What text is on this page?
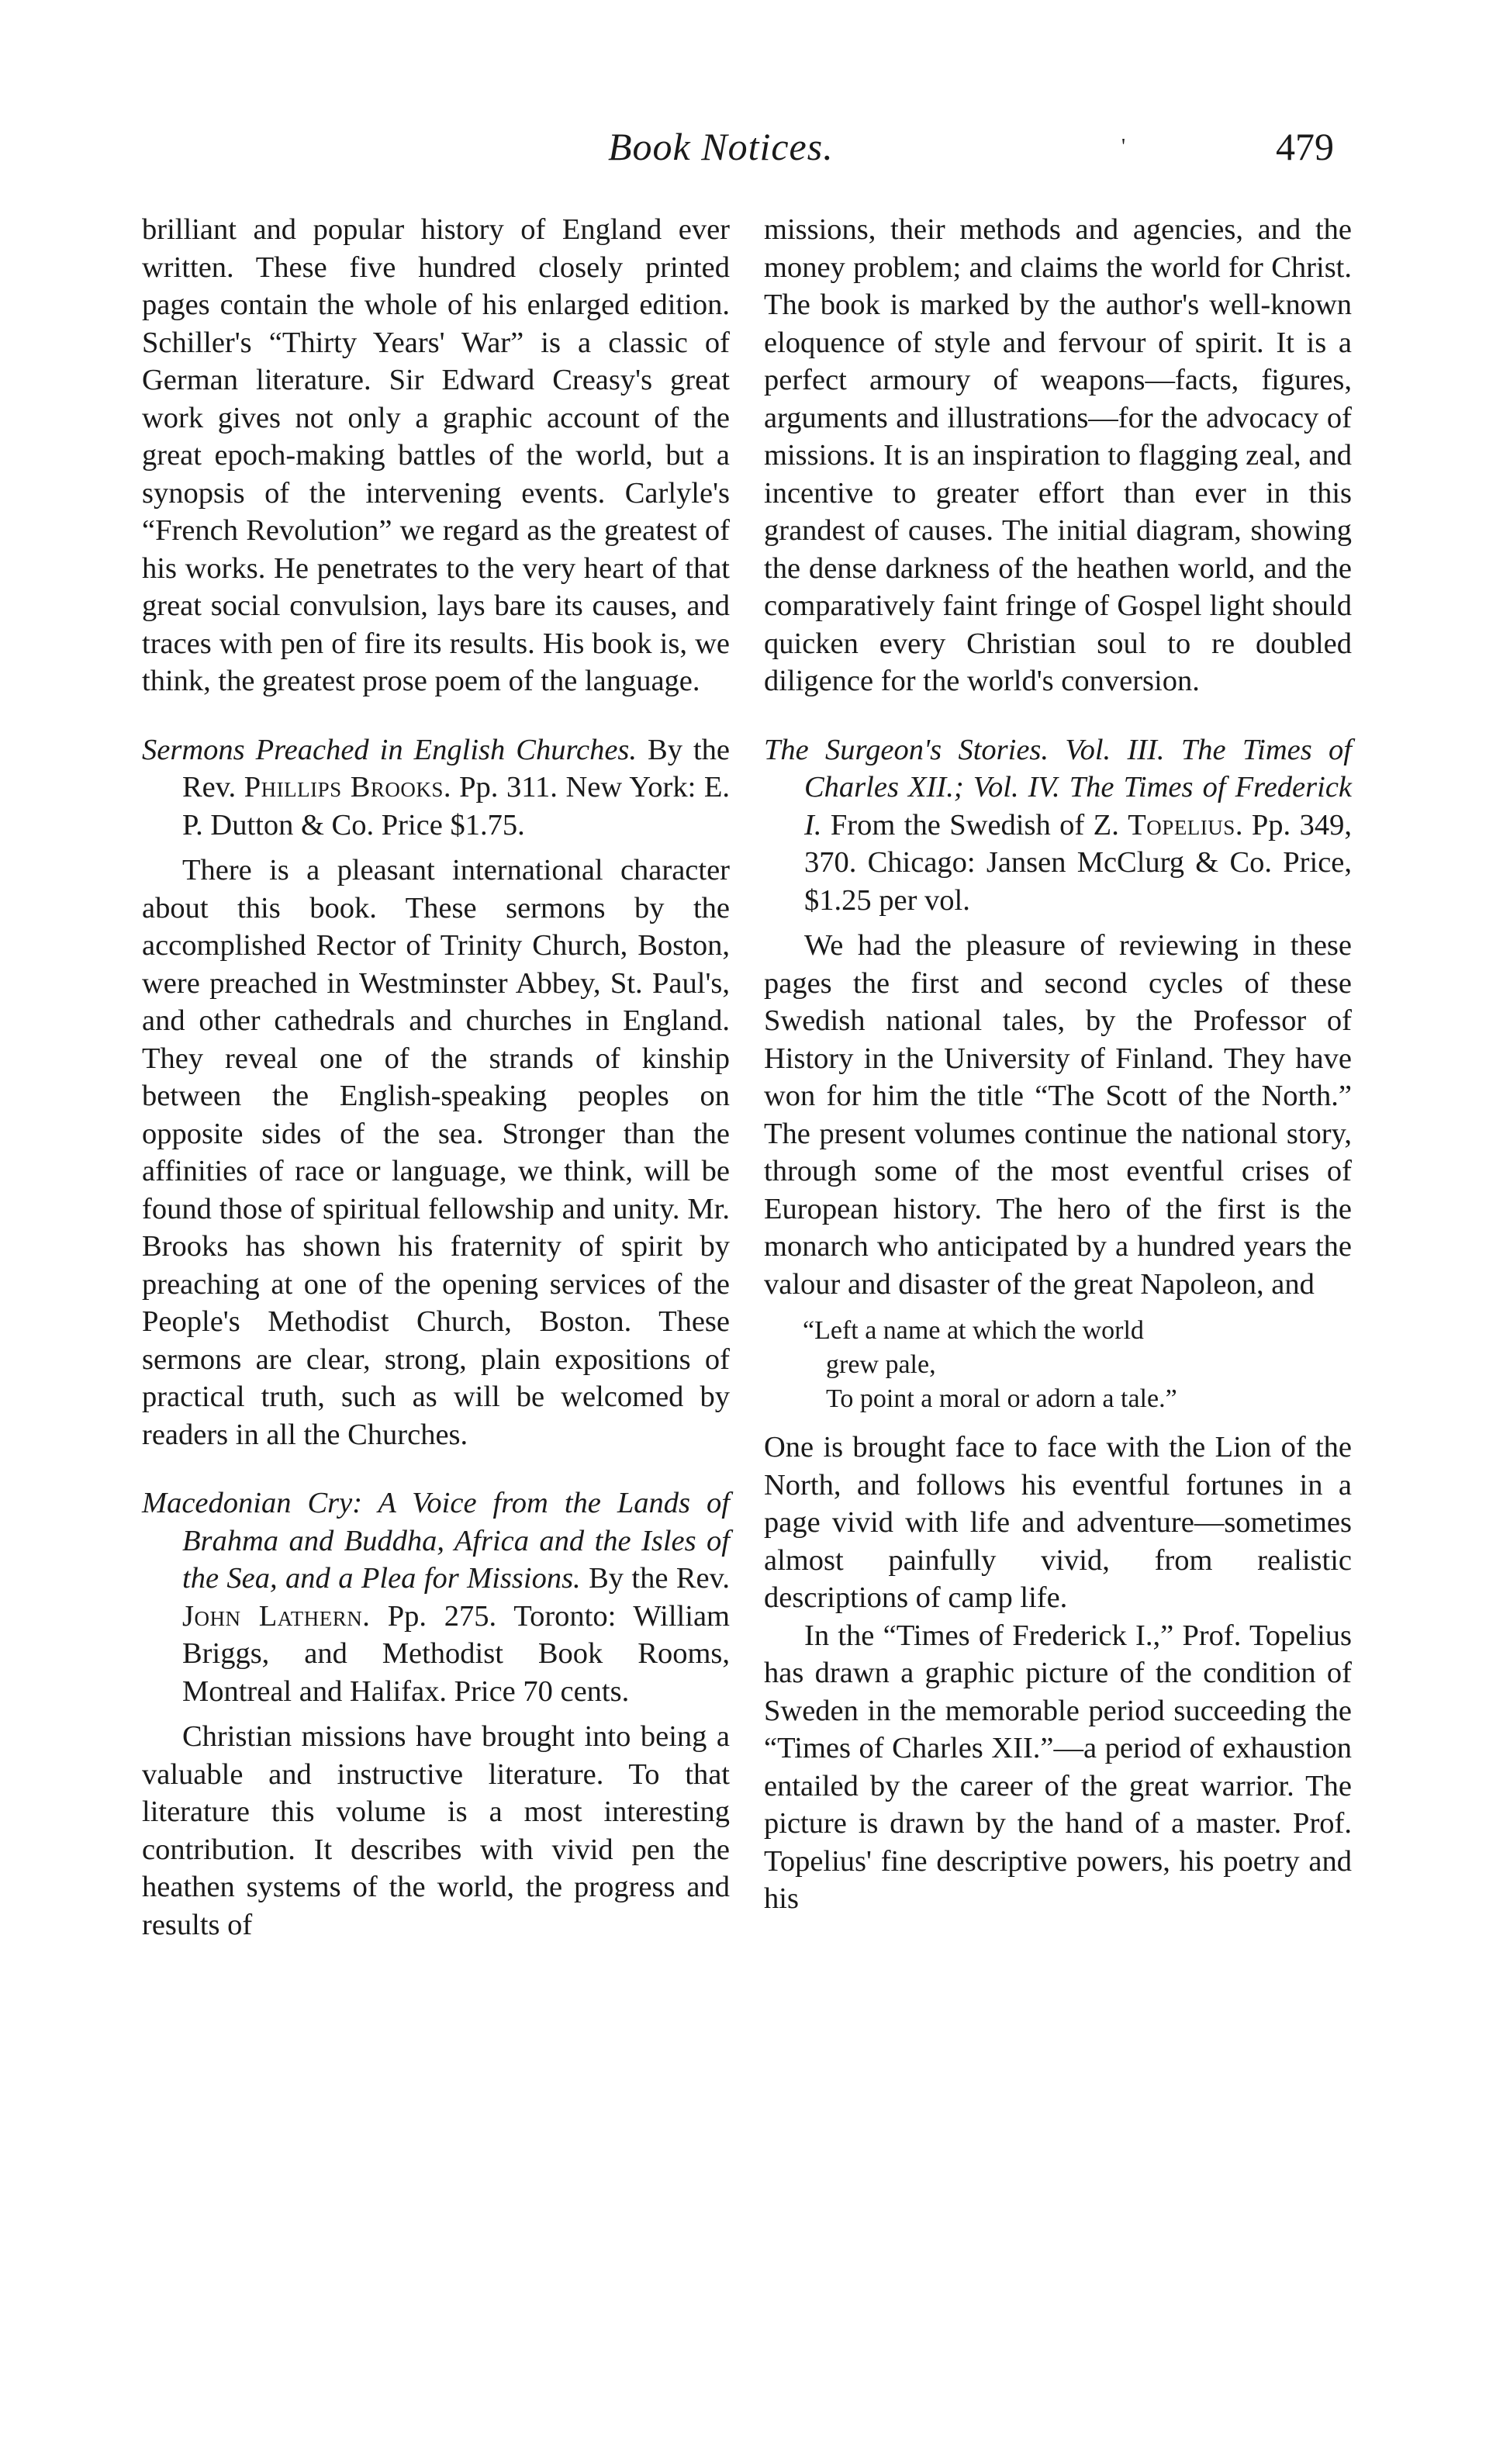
Book Notices.	'	479

brilliant and popular history of England ever written. These five hundred closely printed pages contain the whole of his enlarged edition. Schiller's “Thirty Years' War” is a classic of German literature. Sir Edward Creasy's great work gives not only a graphic account of the great epoch-making battles of the world, but a synopsis of the intervening events. Carlyle's “French Revolution” we regard as the greatest of his works. He penetrates to the very heart of that great social convulsion, lays bare its causes, and traces with pen of fire its results. His book is, we think, the greatest prose poem of the language.

Sermons Preached in English Churches. By the Rev. Phillips Brooks. Pp. 311. New York: E. P. Dutton & Co. Price $1.75.

There is a pleasant international character about this book. These sermons by the accomplished Rector of Trinity Church, Boston, were preached in Westminster Abbey, St. Paul's, and other cathedrals and churches in England. They reveal one of the strands of kinship between the English-speaking peoples on opposite sides of the sea. Stronger than the affinities of race or language, we think, will be found those of spiritual fellowship and unity. Mr. Brooks has shown his fraternity of spirit by preaching at one of the opening services of the People's Methodist Church, Boston. These sermons are clear, strong, plain expositions of practical truth, such as will be welcomed by readers in all the Churches.

Macedonian Cry: A Voice from the Lands of Brahma and Buddha, Africa and the Isles of the Sea, and a Plea for Missions. By the Rev. John Lathern. Pp. 275. Toronto: William Briggs, and Methodist Book Rooms, Montreal and Halifax. Price 70 cents.

Christian missions have brought into being a valuable and instructive literature. To that literature this volume is a most interesting contribution. It describes with vivid pen the heathen systems of the world, the progress and results of

missions, their methods and agencies, and the money problem; and claims the world for Christ. The book is marked by the author's well-known eloquence of style and fervour of spirit. It is a perfect armoury of weapons—facts, figures, arguments and illustrations—for the advocacy of missions. It is an inspiration to flagging zeal, and incentive to greater effort than ever in this grandest of causes. The initial diagram, showing the dense darkness of the heathen world, and the comparatively faint fringe of Gospel light should quicken every Christian soul to re doubled diligence for the world's conversion.

The Surgeon's Stories. Vol. III. The Times of Charles XII.; Vol. IV. The Times of Frederick I. From the Swedish of Z. Topelius. Pp. 349, 370. Chicago: Jansen McClurg & Co. Price, $1.25 per vol.

We had the pleasure of reviewing in these pages the first and second cycles of these Swedish national tales, by the Professor of History in the University of Finland. They have won for him the title “The Scott of the North.” The present volumes continue the national story, through some of the most eventful crises of European history. The hero of the first is the monarch who anticipated by a hundred years the valour and disaster of the great Napoleon, and

“Left a name at which the world
grew pale,
To point a moral or adorn a tale.”

One is brought face to face with the Lion of the North, and follows his eventful fortunes in a page vivid with life and adventure—sometimes almost painfully vivid, from realistic descriptions of camp life.

In the “Times of Frederick I.,” Prof. Topelius has drawn a graphic picture of the condition of Sweden in the memorable period succeeding the “Times of Charles XII.”—a period of exhaustion entailed by the career of the great warrior. The picture is drawn by the hand of a master. Prof. Topelius' fine descriptive powers, his poetry and his
